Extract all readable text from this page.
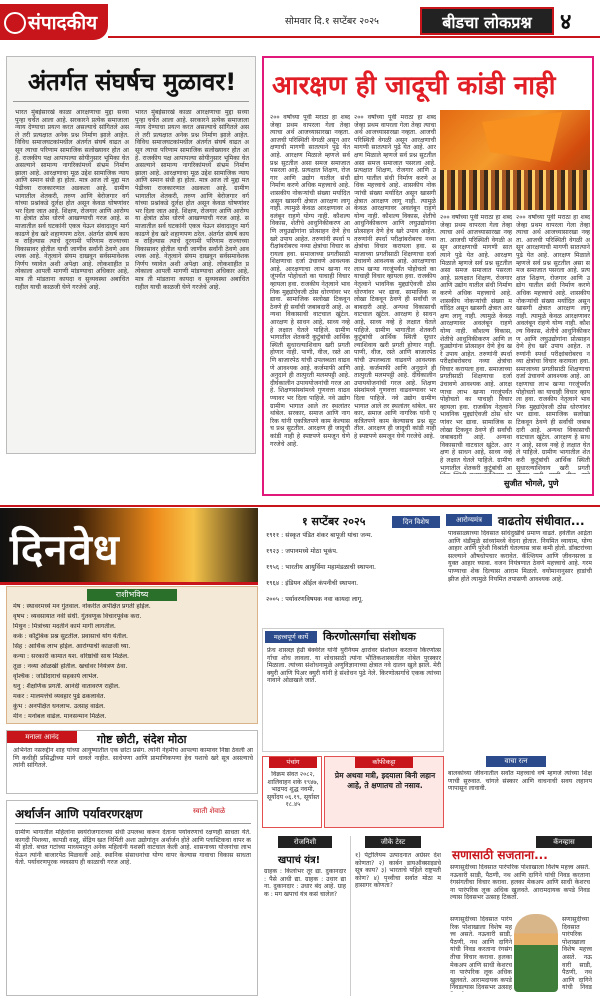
संपादकीय	सोमवार दि.१ सप्टेंबर २०२५	बीडचा लोकप्रश्न	४
अंतर्गत संघर्षच मुळावर!
भारत मुंबईसारखे काळा आरक्षणाचा मुद्दा सध्या पुन्हा चर्चेत आला आहे. सरकारने प्रत्येक समाजाला न्याय देण्याचा प्रयत्न करत असल्याचे सांगितले असले तरी प्रत्यक्षात अनेक प्रश्न निर्माण झाले आहेत. विविध समाजघटकांमधील अंतर्गत संघर्ष वाढत असून त्याचा परिणाम सामाजिक सलोख्यावर होत आहे. राजकीय पक्ष आपापल्या सोयीनुसार भूमिका घेत असल्याने सामान्य नागरिकांमध्ये संभ्रम निर्माण झाला आहे. आरक्षणाचा मूळ उद्देश सामाजिक न्याय आणि समान संधी हा होता. मात्र आज तो मुद्दा मतपेढीच्या राजकारणात अडकला आहे. ग्रामीण भागातील शेतकरी, तरुण आणि बेरोजगार वर्ग यांच्या प्रश्नांकडे दुर्लक्ष होत असून केवळ घोषणांवर भर दिला जात आहे. शिक्षण, रोजगार आणि आरोग्य या क्षेत्रांत ठोस धोरणे आखण्याची गरज आहे. समाजातील सर्व घटकांनी एकत्र येऊन संवादातून मार्ग काढणे हेच खरे शहाणपण ठरेल. अंतर्गत संघर्ष कायम राहिल्यास त्याचे दूरगामी परिणाम राज्याच्या विकासावर होतील याची जाणीव सर्वांनी ठेवणे आवश्यक आहे. नेतृत्वाने संयम दाखवून सर्वसमावेशक निर्णय घ्यावेत अशी अपेक्षा आहे. लोकशाहीत प्रत्येकाला आपली मागणी मांडण्याचा अधिकार आहे, मात्र ती मांडताना कायदा व सुव्यवस्था अबाधित राहील याची काळजी घेणे गरजेचे आहे.
भारत मुंबईसारखे काळा आरक्षणाचा मुद्दा सध्या पुन्हा चर्चेत आला आहे. सरकारने प्रत्येक समाजाला न्याय देण्याचा प्रयत्न करत असल्याचे सांगितले असले तरी प्रत्यक्षात अनेक प्रश्न निर्माण झाले आहेत. विविध समाजघटकांमधील अंतर्गत संघर्ष वाढत असून त्याचा परिणाम सामाजिक सलोख्यावर होत आहे. राजकीय पक्ष आपापल्या सोयीनुसार भूमिका घेत असल्याने सामान्य नागरिकांमध्ये संभ्रम निर्माण झाला आहे. आरक्षणाचा मूळ उद्देश सामाजिक न्याय आणि समान संधी हा होता. मात्र आज तो मुद्दा मतपेढीच्या राजकारणात अडकला आहे. ग्रामीण भागातील शेतकरी, तरुण आणि बेरोजगार वर्ग यांच्या प्रश्नांकडे दुर्लक्ष होत असून केवळ घोषणांवर भर दिला जात आहे. शिक्षण, रोजगार आणि आरोग्य या क्षेत्रांत ठोस धोरणे आखण्याची गरज आहे. समाजातील सर्व घटकांनी एकत्र येऊन संवादातून मार्ग काढणे हेच खरे शहाणपण ठरेल. अंतर्गत संघर्ष कायम राहिल्यास त्याचे दूरगामी परिणाम राज्याच्या विकासावर होतील याची जाणीव सर्वांनी ठेवणे आवश्यक आहे. नेतृत्वाने संयम दाखवून सर्वसमावेशक निर्णय घ्यावेत अशी अपेक्षा आहे. लोकशाहीत प्रत्येकाला आपली मागणी मांडण्याचा अधिकार आहे, मात्र ती मांडताना कायदा व सुव्यवस्था अबाधित राहील याची काळजी घेणे गरजेचे आहे.
आरक्षण ही जादूची कांडी नाही
२०० वर्षांच्या पूर्वी मराठा हा शब्द जेव्हा प्रथम वापरला गेला तेव्हा त्याचा अर्थ आजच्यासारखा नव्हता. आजची परिस्थिती वेगळी असून आरक्षणाची मागणी सातत्याने पुढे येत आहे. आरक्षण मिळाले म्हणजे सर्व प्रश्न सुटतील असा समज समाजात पसरला आहे. प्रत्यक्षात शिक्षण, रोजगार आणि उद्योग यातील संधी निर्माण करणे अधिक महत्त्वाचे आहे. शासकीय नोकऱ्यांची संख्या मर्यादित असून खासगी क्षेत्रात आरक्षण लागू नाही. त्यामुळे केवळ आरक्षणावर अवलंबून राहणे योग्य नाही. कौशल्य विकास, शेतीचे आधुनिकीकरण आणि लघुउद्योगांना प्रोत्साहन देणे हेच खरे उपाय आहेत. तरुणांनी स्पर्धा परीक्षांबरोबरच नव्या क्षेत्रांचा विचार करायला हवा. समाजाच्या प्रगतीसाठी शिक्षणाचा दर्जा उंचावणे आवश्यक आहे. आरक्षणाचा लाभ खऱ्या गरजूंपर्यंत पोहोचतो का याचाही विचार व्हायला हवा. राजकीय नेतृत्वाने भावनिक मुद्द्यांऐवजी ठोस धोरणांवर भर द्यावा. सामाजिक सलोखा टिकवून ठेवणे ही सर्वांची जबाबदारी आहे. अन्यथा विकासाची वाटचाल खुंटेल. आरक्षण हे साधन आहे, साध्य नव्हे हे लक्षात घेतले पाहिजे. ग्रामीण भागातील शेतकरी कुटुंबांची आर्थिक स्थिती सुधारल्याशिवाय खरी प्रगती होणार नाही. पाणी, वीज, रस्ते आणि बाजारपेठ यांची उपलब्धता वाढवणे आवश्यक आहे. कर्जमाफी आणि अनुदाने ही तात्पुरती मलमपट्टी आहे. दीर्घकालीन उपाययोजनांची गरज आहे. शिक्षणसंस्थांमध्ये गुणवत्ता वाढवण्यावर भर दिला पाहिजे. नवे उद्योग ग्रामीण भागात आले तर स्थलांतर थांबेल. सरकार, समाज आणि नागरिक यांनी एकत्रितपणे काम केल्यासच प्रश्न सुटतील. आरक्षण ही जादूची कांडी नाही हे स्पष्टपणे समजून घेणे गरजेचे आहे.
२०० वर्षांच्या पूर्वी मराठा हा शब्द जेव्हा प्रथम वापरला गेला तेव्हा त्याचा अर्थ आजच्यासारखा नव्हता. आजची परिस्थिती वेगळी असून आरक्षणाची मागणी सातत्याने पुढे येत आहे. आरक्षण मिळाले म्हणजे सर्व प्रश्न सुटतील असा समज समाजात पसरला आहे. प्रत्यक्षात शिक्षण, रोजगार आणि उद्योग यातील संधी निर्माण करणे अधिक महत्त्वाचे आहे. शासकीय नोकऱ्यांची संख्या मर्यादित असून खासगी क्षेत्रात आरक्षण लागू नाही. त्यामुळे केवळ आरक्षणावर अवलंबून राहणे योग्य नाही. कौशल्य विकास, शेतीचे आधुनिकीकरण आणि लघुउद्योगांना प्रोत्साहन देणे हेच खरे उपाय आहेत. तरुणांनी स्पर्धा परीक्षांबरोबरच नव्या क्षेत्रांचा विचार करायला हवा. समाजाच्या प्रगतीसाठी शिक्षणाचा दर्जा उंचावणे आवश्यक आहे. आरक्षणाचा लाभ खऱ्या गरजूंपर्यंत पोहोचतो का याचाही विचार व्हायला हवा. राजकीय नेतृत्वाने भावनिक मुद्द्यांऐवजी ठोस धोरणांवर भर द्यावा. सामाजिक सलोखा टिकवून ठेवणे ही सर्वांची जबाबदारी आहे. अन्यथा विकासाची वाटचाल खुंटेल. आरक्षण हे साधन आहे, साध्य नव्हे हे लक्षात घेतले पाहिजे. ग्रामीण भागातील शेतकरी कुटुंबांची आर्थिक स्थिती सुधारल्याशिवाय खरी प्रगती होणार नाही. पाणी, वीज, रस्ते आणि बाजारपेठ यांची उपलब्धता वाढवणे आवश्यक आहे. कर्जमाफी आणि अनुदाने ही तात्पुरती मलमपट्टी आहे. दीर्घकालीन उपाययोजनांची गरज आहे. शिक्षणसंस्थांमध्ये गुणवत्ता वाढवण्यावर भर दिला पाहिजे. नवे उद्योग ग्रामीण भागात आले तर स्थलांतर थांबेल. सरकार, समाज आणि नागरिक यांनी एकत्रितपणे काम केल्यासच प्रश्न सुटतील. आरक्षण ही जादूची कांडी नाही हे स्पष्टपणे समजून घेणे गरजेचे आहे.
२०० वर्षांच्या पूर्वी मराठा हा शब्द जेव्हा प्रथम वापरला गेला तेव्हा त्याचा अर्थ आजच्यासारखा नव्हता. आजची परिस्थिती वेगळी असून आरक्षणाची मागणी सातत्याने पुढे येत आहे. आरक्षण मिळाले म्हणजे सर्व प्रश्न सुटतील असा समज समाजात पसरला आहे. प्रत्यक्षात शिक्षण, रोजगार आणि उद्योग यातील संधी निर्माण करणे अधिक महत्त्वाचे आहे. शासकीय नोकऱ्यांची संख्या मर्यादित असून खासगी क्षेत्रात आरक्षण लागू नाही. त्यामुळे केवळ आरक्षणावर अवलंबून राहणे योग्य नाही. कौशल्य विकास, शेतीचे आधुनिकीकरण आणि लघुउद्योगांना प्रोत्साहन देणे हेच खरे उपाय आहेत. तरुणांनी स्पर्धा परीक्षांबरोबरच नव्या क्षेत्रांचा विचार करायला हवा. समाजाच्या प्रगतीसाठी शिक्षणाचा दर्जा उंचावणे आवश्यक आहे. आरक्षणाचा लाभ खऱ्या गरजूंपर्यंत पोहोचतो का याचाही विचार व्हायला हवा. राजकीय नेतृत्वाने भावनिक मुद्द्यांऐवजी ठोस धोरणांवर भर द्यावा. सामाजिक सलोखा टिकवून ठेवणे ही सर्वांची जबाबदारी आहे. अन्यथा विकासाची वाटचाल खुंटेल. आरक्षण हे साधन आहे, साध्य नव्हे हे लक्षात घेतले पाहिजे. ग्रामीण भागातील शेतकरी कुटुंबांची आ
२०० वर्षांच्या पूर्वी मराठा हा शब्द जेव्हा प्रथम वापरला गेला तेव्हा त्याचा अर्थ आजच्यासारखा नव्हता. आजची परिस्थिती वेगळी असून आरक्षणाची मागणी सातत्याने पुढे येत आहे. आरक्षण मिळाले म्हणजे सर्व प्रश्न सुटतील असा समज समाजात पसरला आहे. प्रत्यक्षात शिक्षण, रोजगार आणि उद्योग यातील संधी निर्माण करणे अधिक महत्त्वाचे आहे. शासकीय नोकऱ्यांची संख्या मर्यादित असून खासगी क्षेत्रात आरक्षण लागू नाही. त्यामुळे केवळ आरक्षणावर अवलंबून राहणे योग्य नाही. कौशल्य विकास, शेतीचे आधुनिकीकरण आणि लघुउद्योगांना प्रोत्साहन देणे हेच खरे उपाय आहेत. तरुणांनी स्पर्धा परीक्षांबरोबरच नव्या क्षेत्रांचा विचार करायला हवा. समाजाच्या प्रगतीसाठी शिक्षणाचा दर्जा उंचावणे आवश्यक आहे. आरक्षणाचा लाभ खऱ्या गरजूंपर्यंत पोहोचतो का याचाही विचार व्हायला हवा. राजकीय नेतृत्वाने भावनिक मुद्द्यांऐवजी ठोस धोरणांवर भर द्यावा. सामाजिक सलोखा टिकवून ठेवणे ही सर्वांची जबाबदारी आहे. अन्यथा विकासाची वाटचाल खुंटेल. आरक्षण हे साधन आहे, साध्य नव्हे हे लक्षात घेतले पाहिजे. ग्रामीण भागातील शेतकरी कुटुंबांची आर्थिक स्थिती सुधारल्याशिवाय खरी प्रगती
सुजीत भोगले, पुणे
दिनवेध
राशीभविष्य
मेष : स्थावरमध्ये मन गुंतवाल. नोकरीत अपेक्षित प्रगती होईल.
वृषभ : व्यवसायात नवी संधी. गुंतवणूक विचारपूर्वक करा.
मिथुन : मित्रांच्या मदतीने कामे मार्गी लागतील.
कर्क : कौटुंबिक प्रश्न सुटतील. प्रवासाचे योग येतील.
सिंह : आर्थिक लाभ होईल. आरोग्याची काळजी घ्या.
कन्या : सरकारी कामात यश. वरिष्ठांची साथ मिळेल.
तूळ : नव्या ओळखी होतील. खर्चावर नियंत्रण ठेवा.
वृश्चिक : जोडीदाराचे सहकार्य लाभेल.
धनु : शैक्षणिक प्रगती. आनंदी वातावरण राहील.
मकर : मालमत्तेचे व्यवहार पुढे ढकलावेत.
कुंभ : अनपेक्षित धनलाभ. उत्साह वाढेल.
मीन : मनोबल वाढेल. मानसन्मान मिळेल.
मनाला आनंद	गोष्ट छोटी, संदेश मोठा
अभिनेता नसरुद्दीन शाह यांच्या आयुष्यातील एक छोटा प्रसंग. त्यांनी नेहमीच आपल्या कामावर निष्ठा ठेवली आणि कधीही प्रसिद्धीच्या मागे धावले नाहीत. साधेपणा आणि प्रामाणिकपणा हेच यशाचे खरे सूत्र असल्याचे त्यांनी सांगितले.
अर्थार्जन आणि पर्यावरणरक्षण	स्वाती शेवाळे
ग्रामीण भागातील महिलांना स्वयंरोजगाराच्या संधी उपलब्ध करून देताना पर्यावरणाचे रक्षणही साधता येते. कागदी पिशव्या, कापडी वस्तू, सेंद्रिय खत निर्मिती अशा उद्योगांतून अर्थार्जन होते आणि प्लास्टिकचा वापर कमी होतो. बचत गटांच्या माध्यमातून अनेक महिलांनी यशस्वी वाटचाल केली आहे. शासनाच्या योजनांचा लाभ घेऊन त्यांनी बाजारपेठ मिळवली आहे. स्थानिक संसाधनांचा योग्य वापर केल्यास गावाचा विकास साधता येतो. पर्यावरणपूरक व्यवसाय ही काळाची गरज आहे.
१ सप्टेंबर २०२५	दिन विशेष
१९११ : संस्कृत पंडित शंकर बापूजी यांचा जन्म.
१९२३ : जपानमध्ये मोठा भूकंप.
१९५६ : भारतीय आयुर्विमा महामंडळाची स्थापना.
१९६४ : इंडियन ऑईल कंपनीची स्थापना.
२००५ : पर्यावरणविषयक नवा कायदा लागू.
आरोग्यमंत्र	वाढतोय संधीवात...
पावसाळ्याच्या दिवसात सांधेदुखीचे प्रमाण वाढते. हवेतील आर्द्रता आणि थंडीमुळे सांध्यांमध्ये वेदना होतात. नियमित व्यायाम, योग्य आहार आणि पुरेशी विश्रांती घेतल्यास त्रास कमी होतो. डॉक्टरांच्या सल्ल्याने औषधोपचार करावेत. कॅल्शियम आणि जीवनसत्त्व ड युक्त आहार घ्यावा. वजन नियंत्रणात ठेवणे महत्त्वाचे आहे. गरम पाण्याचा शेक दिल्यास आराम मिळतो. वयोमानानुसार हाडांची झीज होते त्यामुळे नियमित तपासणी आवश्यक आहे.
महत्त्वपूर्ण कार्ये	किरणोत्सर्गाचा संशोधक
फ्रेंच शास्त्रज्ञ हेन्री बेक्वेरेल यांनी युरेनियम क्षारांवर संशोधन करताना किरणोत्सर्गाचा शोध लावला. या शोधासाठी त्यांना भौतिकशास्त्रातील नोबेल पुरस्कार मिळाला. त्यांच्या संशोधनामुळे अणुविज्ञानाच्या क्षेत्रात नवे दालन खुले झाले. मेरी क्युरी आणि पिअर क्युरी यांनी हे संशोधन पुढे नेले. किरणोत्सर्गाचे एकक त्यांच्या नावाने ओळखले जाते.
पंचांग
विक्रम संवत २०८२, शालिवाहन शके १९४७, भाद्रपद शुद्ध नवमी, सूर्योदय ०६.१९, सूर्यास्त १८.४५
कॉफीकट्टा
प्रेम अथवा मत्री, इदयाला बिनी लहान आहे, ते क्षणातच तो नसाव.
वाचा रत्न
बालकांच्या जीवनातील सर्वांत महत्त्वाचे वर्ष म्हणजे त्यांच्या शिक्षणाची सुरुवात. चांगले संस्कार आणि वाचनाची सवय लहानपणापासून लावावी.
रोजनिशी
खपाचं यंत्र!
ग्राहक : किलोभर तूर द्या. दुकानदार : पैसे आधी द्या. ग्राहक : उधार द्या ना. दुकानदार : उधार बंद आहे. ग्राहक : मग खपाचं यंत्र कसं चालेल?
जीके टेस्ट
१) पेट्रोलियम उत्पादनात अग्रेसर देश कोणता? २) कार्बन डायऑक्साइडचे सूत्र काय? ३) भारताचे पहिले राष्ट्रपती कोण? ४) पृथ्वीचा सर्वात मोठा महासागर कोणता?
कॅनव्हास
सणासाठी सजताना...
सणासुदीच्या दिवसात पारंपरिक पोशाखाला विशेष महत्त्व असते. नऊवारी साडी, पैठणी, नथ आणि दागिने यांची निवड करताना रंगसंगतीचा विचार करावा. हलका मेकअप आणि साधी केशरचना पारंपरिक लूक अधिक खुलवते. आरामदायक कपडे निवडल्यास दिवसभर उत्साह टिकतो.
सणासुदीच्या दिवसात पारंपरिक पोशाखाला विशेष महत्त्व असते. नऊवारी साडी, पैठणी, नथ आणि दागिने यांची निवड करताना रंगसंगतीचा विचार करावा. हलका मेकअप आणि साधी केशरचना पारंपरिक लूक अधिक खुलवते. आरामदायक कपडे निवडल्यास दिवसभर उत्साह
सणासुदीच्या दिवसात पारंपरिक पोशाखाला विशेष महत्त्व असते. नऊवारी साडी, पैठणी, नथ आणि दागिने यांची निवड
